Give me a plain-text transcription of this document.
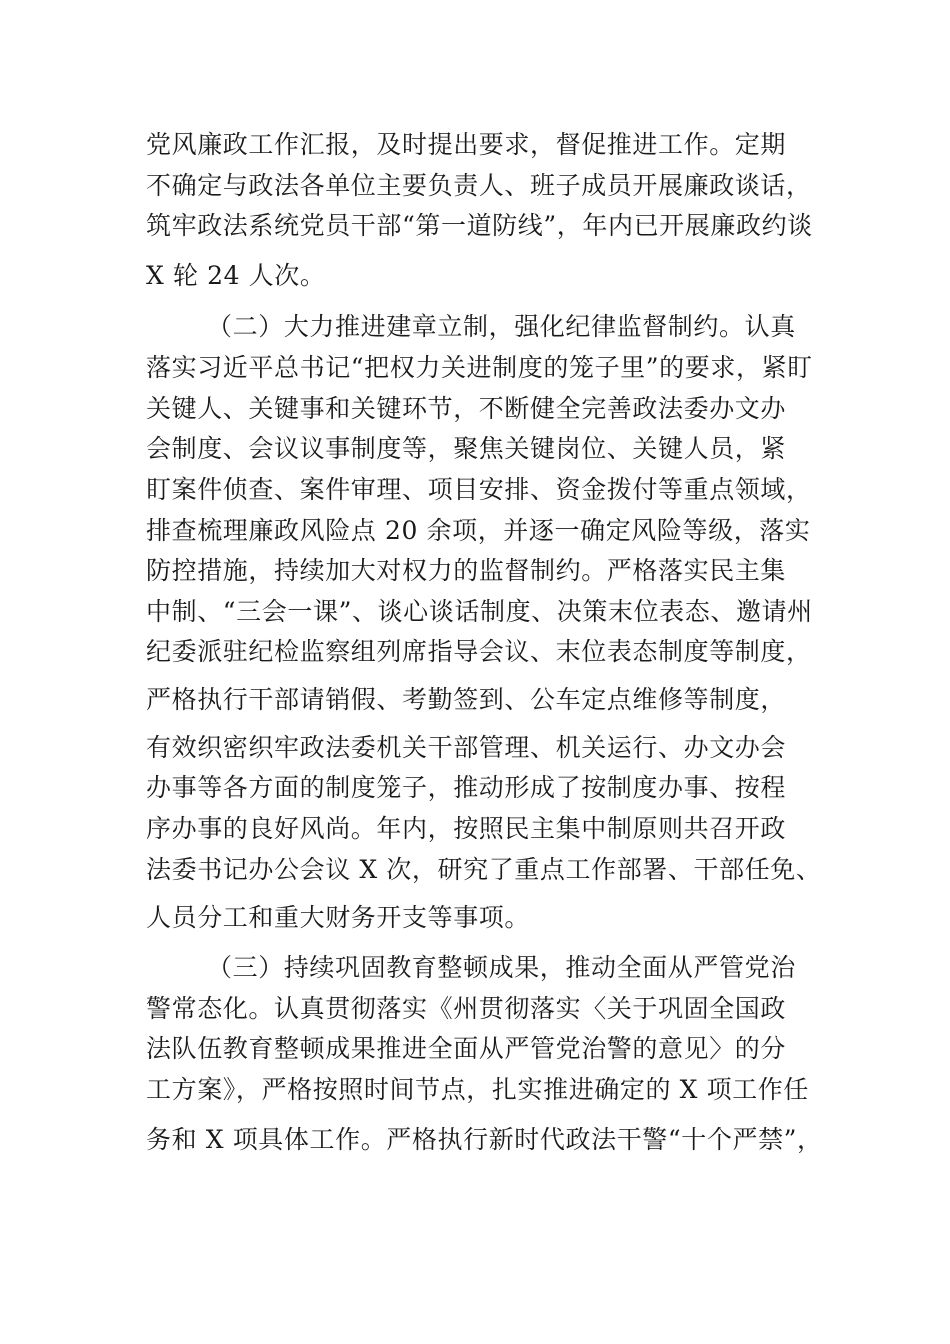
党风廉政工作汇报，及时提出要求，督促推进工作。定期
不确定与政法各单位主要负责人、班子成员开展廉政谈话，
筑牢政法系统党员干部“第一道防线”，年内已开展廉政约谈
X 轮 24 人次。
（二）大力推进建章立制，强化纪律监督制约。认真
落实习近平总书记“把权力关进制度的笼子里”的要求，紧盯
关键人、关键事和关键环节，不断健全完善政法委办文办
会制度、会议议事制度等，聚焦关键岗位、关键人员，紧
盯案件侦查、案件审理、项目安排、资金拨付等重点领域，
排查梳理廉政风险点 20 余项，并逐一确定风险等级，落实
防控措施，持续加大对权力的监督制约。严格落实民主集
中制、“三会一课”、谈心谈话制度、决策末位表态、邀请州
纪委派驻纪检监察组列席指导会议、末位表态制度等制度，
严格执行干部请销假、考勤签到、公车定点维修等制度，
有效织密织牢政法委机关干部管理、机关运行、办文办会
办事等各方面的制度笼子，推动形成了按制度办事、按程
序办事的良好风尚。年内，按照民主集中制原则共召开政
法委书记办公会议 X 次，研究了重点工作部署、干部任免、
人员分工和重大财务开支等事项。
（三）持续巩固教育整顿成果，推动全面从严管党治
警常态化。认真贯彻落实《州贯彻落实〈关于巩固全国政
法队伍教育整顿成果推进全面从严管党治警的意见〉的分
工方案》，严格按照时间节点，扎实推进确定的 X 项工作任
务和 X 项具体工作。严格执行新时代政法干警“十个严禁”，
